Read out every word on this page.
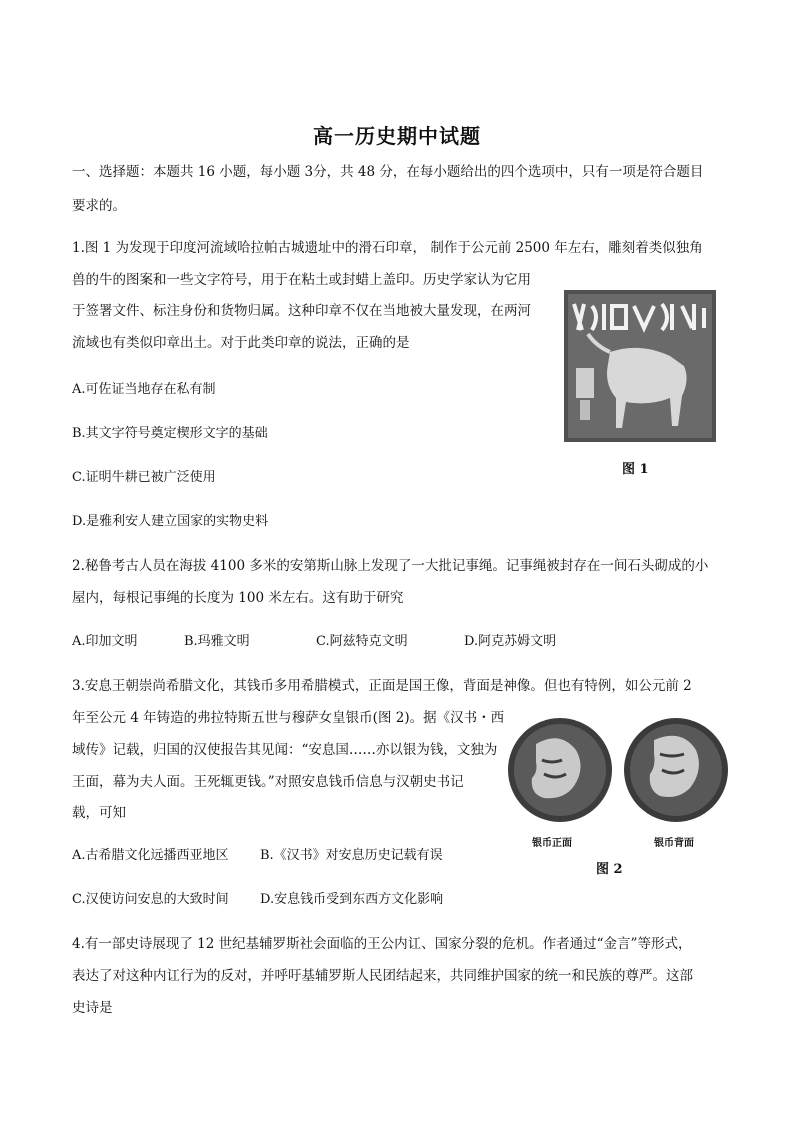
高一历史期中试题
一、选择题：本题共 16 小题，每小题 3分，共 48 分，在每小题给出的四个选项中，只有一项是符合题目
要求的。
1.图 1 为发现于印度河流域哈拉帕古城遗址中的滑石印章， 制作于公元前 2500 年左右，雕刻着类似独角
兽的牛的图案和一些文字符号，用于在粘土或封蜡上盖印。历史学家认为它用
于签署文件、标注身份和货物归属。这种印章不仅在当地被大量发现，在两河
流域也有类似印章出土。对于此类印章的说法，正确的是
A.可佐证当地存在私有制
B.其文字符号奠定楔形文字的基础
C.证明牛耕已被广泛使用
D.是雅利安人建立国家的实物史料
图 1
2.秘鲁考古人员在海拔 4100 多米的安第斯山脉上发现了一大批记事绳。记事绳被封存在一间石头砌成的小
屋内，每根记事绳的长度为 100 米左右。这有助于研究
A.印加文明	B.玛雅文明	C.阿兹特克文明	D.阿克苏姆文明
3.安息王朝崇尚希腊文化，其钱币多用希腊模式，正面是国王像，背面是神像。但也有特例，如公元前 2
年至公元 4 年铸造的弗拉特斯五世与穆萨女皇银币(图 2)。据《汉书・西
域传》记载，归国的汉使报告其见闻：“安息国……亦以银为钱，文独为
王面，幕为夫人面。王死辄更钱。”对照安息钱币信息与汉朝史书记
载，可知
银币正面	银币背面
图 2
A.古希腊文化远播西亚地区 B.《汉书》对安息历史记载有误
C.汉使访问安息的大致时间 D.安息钱币受到东西方文化影响
4.有一部史诗展现了 12 世纪基辅罗斯社会面临的王公内讧、国家分裂的危机。作者通过“金言”等形式，
表达了对这种内讧行为的反对，并呼吁基辅罗斯人民团结起来，共同维护国家的统一和民族的尊严。这部
史诗是
